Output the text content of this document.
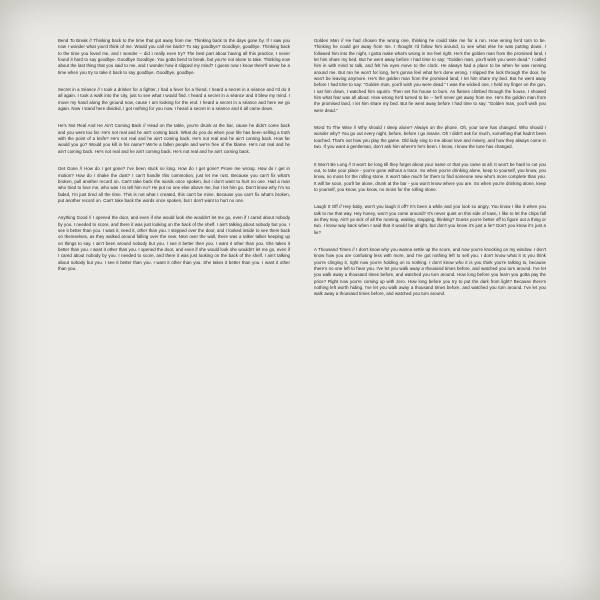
Bend To Break // Thinking back to the time that got away from me. Thinking back to the days gone by. If I saw you now I wonder what you'd think of me. Would you call me back? To say goodbye? Goodbye, goodbye. Thinking back to the time you loved me, and I wonder -- did I really even try? The best part about having all this practice, I never found it hard to say goodbye. Goodbye Goodbye. You gotta bend to break, but you're not alone to take. Thinking now about the last thing that you said to me, and I wonder how it slipped my mind? I guess now I know there'll never be a time when you try to take it back to say goodbye. Goodbye, goodbye.
Secret in a Séance // I took a drinker for a fighter, I had a fever for a friend. I heard a secret in a séance and I'd do it all again. I took a walk into the city, just to see what I would find. I heard a secret in a séance and it blew my mind. I move my hand along the ground now, cause I am looking for the end. I heard a secret in a séance and here we go again. Now I stand here divided, I got nothing for you now. I heard a secret in a séance and it all came down.
He's Not Real And He Ain't Coming Back // Head on the table, you're drunk at the bar, cause he didn't come back and you went too far. He's not real and he ain't coming back. What do you do when your life has been selling a truth with the point of a knife? He's not real and he ain't coming back. He's not real and he ain't coming back. How far would you go? Would you kill in his name? We're a fallen people and we're free of the blame. He's not real and he ain't coming back. He's not real and he ain't coming back. He's not real and he ain't coming back.
Get Gone // How do I get gone? I've been stuck so long. How do I get gone? Prove me wrong. How do I get in motion? How do I shake the dust? I can't handle this commotion, just let me rust. Because you can't fix what's broken, pull another record on. Can't take back the words once spoken, but I don't want to hurt no one. Had a man who tried to love me, who was I to tell him no? He put no one else above me, but I let him go. Don't know why I'm so faded, I'm just tired all the time. This is not what I created, this can't be mine. Because you can't fix what's broken, put another record on. Can't take back the words once spoken, but I don't want to hurt no one.
Anything Good // I opened the door, and even if she would look she wouldn't let me go, even if I cared about nobody by you. I needed to score, and there it was just looking on the back of the shelf. I ain't talking about nobody but you. I see it better than you. I want it, need it, other than you. I stepped over the door, and I looked inside to see them back on themselves, as they walked around falling over the new. Next over the wall, there was a talker talker keeping up on things to say. I ain't been around nobody but you. I see it better then you. I want it other than you. She takes it better than you. I want it other than you. I opened the door, and even if she would look she wouldn't let me go, even if I cared about nobody by you. I needed to score, and there it was just looking on the back of the shelf. I ain't talking about nobody but you. I see it better than you. I want it other than you. She takes it better than you. I want it other than you.
Golden Man // He had chosen the wrong one, thinking he could take me for a run. How wrong he'd turn to be. Thinking he could get away from me. I thought I'd follow him around, to see what else he was putting down. I followed him into the night, I gotta make what's wrong in me feel right. He's the golden man from the promised land, I let him share my bed. But he went away before I had time to say: "Golden man, you'll wish you were dead." I called him in with mind to talk, and felt his eyes move to the clock. He always had a place to be when he was running around me. But ran he won't for long, he's gonna feel what he's done wrong. I slipped the lock through the door, he won't be leaving anymore. He's the golden man from the promised land, I let him share my bed. But he went away before I had time to say: "Golden man, you'll wish you were dead." I was the wicked one, I held my finger on the gun, I sat him down, I watched him squirm. Then set his house to burn. As flames climbed through the house, I showed him what fear was all about. How wrong he'd turned to be -- he'll never get away from me. He's the golden man from the promised land, I let him share my bed. But he went away before I had time to say: "Golden man, you'll wish you were dead."
Word To The Wise // Why should I sleep alone? Always on the phone. Oh, your tone has changed. Who should I wonder why? You go out every night, before, before I go insane. Oh I didn't ask for much, something that hadn't been touched. That's not how you play the game. Old lady sing to me about love and misery, and how they always come in two. If you want a gentleman, don't ask him where's he's been. I know, I know the tune has changed.
It Won't Be Long // It won't be long till they forget about your name or that you came at all. It won't be hard to cut you out, to take your place - you're gone without a trace. So when you're drinking alone, keep to yourself, you know, you know, no moss for the rolling stone. It won't take much for them to find someone new who's more complete than you. It will be soon, you'll be alone, drunk at the bar - you won't know where you are. So when you're drinking alone, keep to yourself, you know, you know, no moss for the rolling stone.
Laugh It Off // Hey baby, won't you laugh it off? It's been a while and you look so angry. You know I like it when you talk to me that way. Hey honey, won't you come around? It's never quiet on this side of town, I like to let the chips fall as they may. Ain't ya sick of all the running, waiting, stopping, thinking? Guess you're better off to figure out a thing or two. I know way back when I said that it would be alright, but don't you know it's just a lie? Don't you know it's just a lie?
A Thousand Times // I don't know why you wanna settle up the score, and now you're knocking on my window. I don't know how you are confusing less with more, and I've got nothing left to sell you. I don't know what it is you think you're clinging it, right now you're holding on to nothing. I don't know who it is you think you're talking to, because there's no one left to hear you. I've let you walk away a thousand times before, and watched you turn around. I've let you walk away a thousand times before, and watched you turn around. How long before you learn you gotta pay the price? Right now you're coming up with zero. How long before you try to put the dark from light? Because there's nothing left worth hiding. I've let you walk away a thousand times before, and watched you turn around. I've let you walk away a thousand times before, and watched you turn around.
